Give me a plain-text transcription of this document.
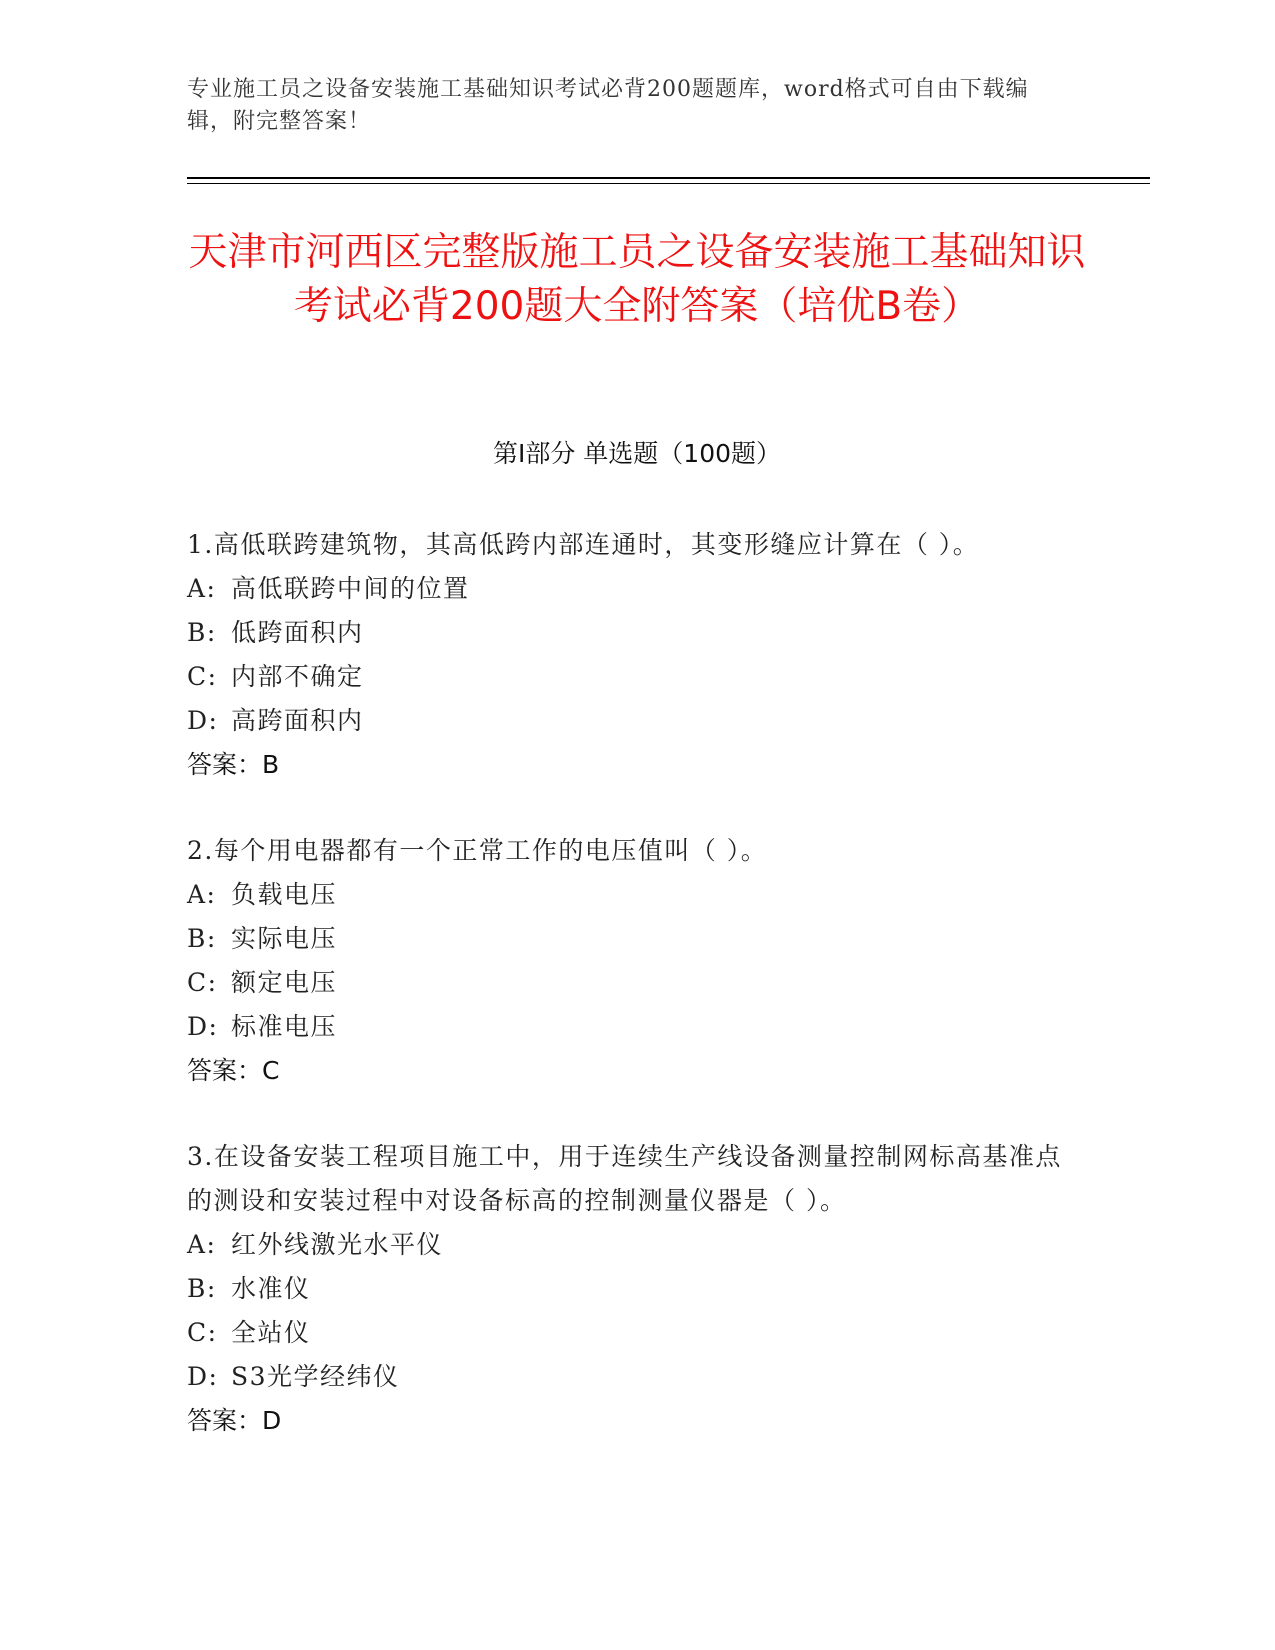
专业施工员之设备安装施工基础知识考试必背200题题库，word格式可自由下载编辑，附完整答案！
天津市河西区完整版施工员之设备安装施工基础知识考试必背200题大全附答案（培优B卷）
第I部分 单选题（100题）
1.高低联跨建筑物，其高低跨内部连通时，其变形缝应计算在（ ）。
A: 高低联跨中间的位置
B: 低跨面积内
C: 内部不确定
D: 高跨面积内
答案：B
2.每个用电器都有一个正常工作的电压值叫（ ）。
A: 负载电压
B: 实际电压
C: 额定电压
D: 标准电压
答案：C
3.在设备安装工程项目施工中，用于连续生产线设备测量控制网标高基准点的测设和安装过程中对设备标高的控制测量仪器是（ ）。
A: 红外线激光水平仪
B: 水准仪
C: 全站仪
D: S3光学经纬仪
答案：D
